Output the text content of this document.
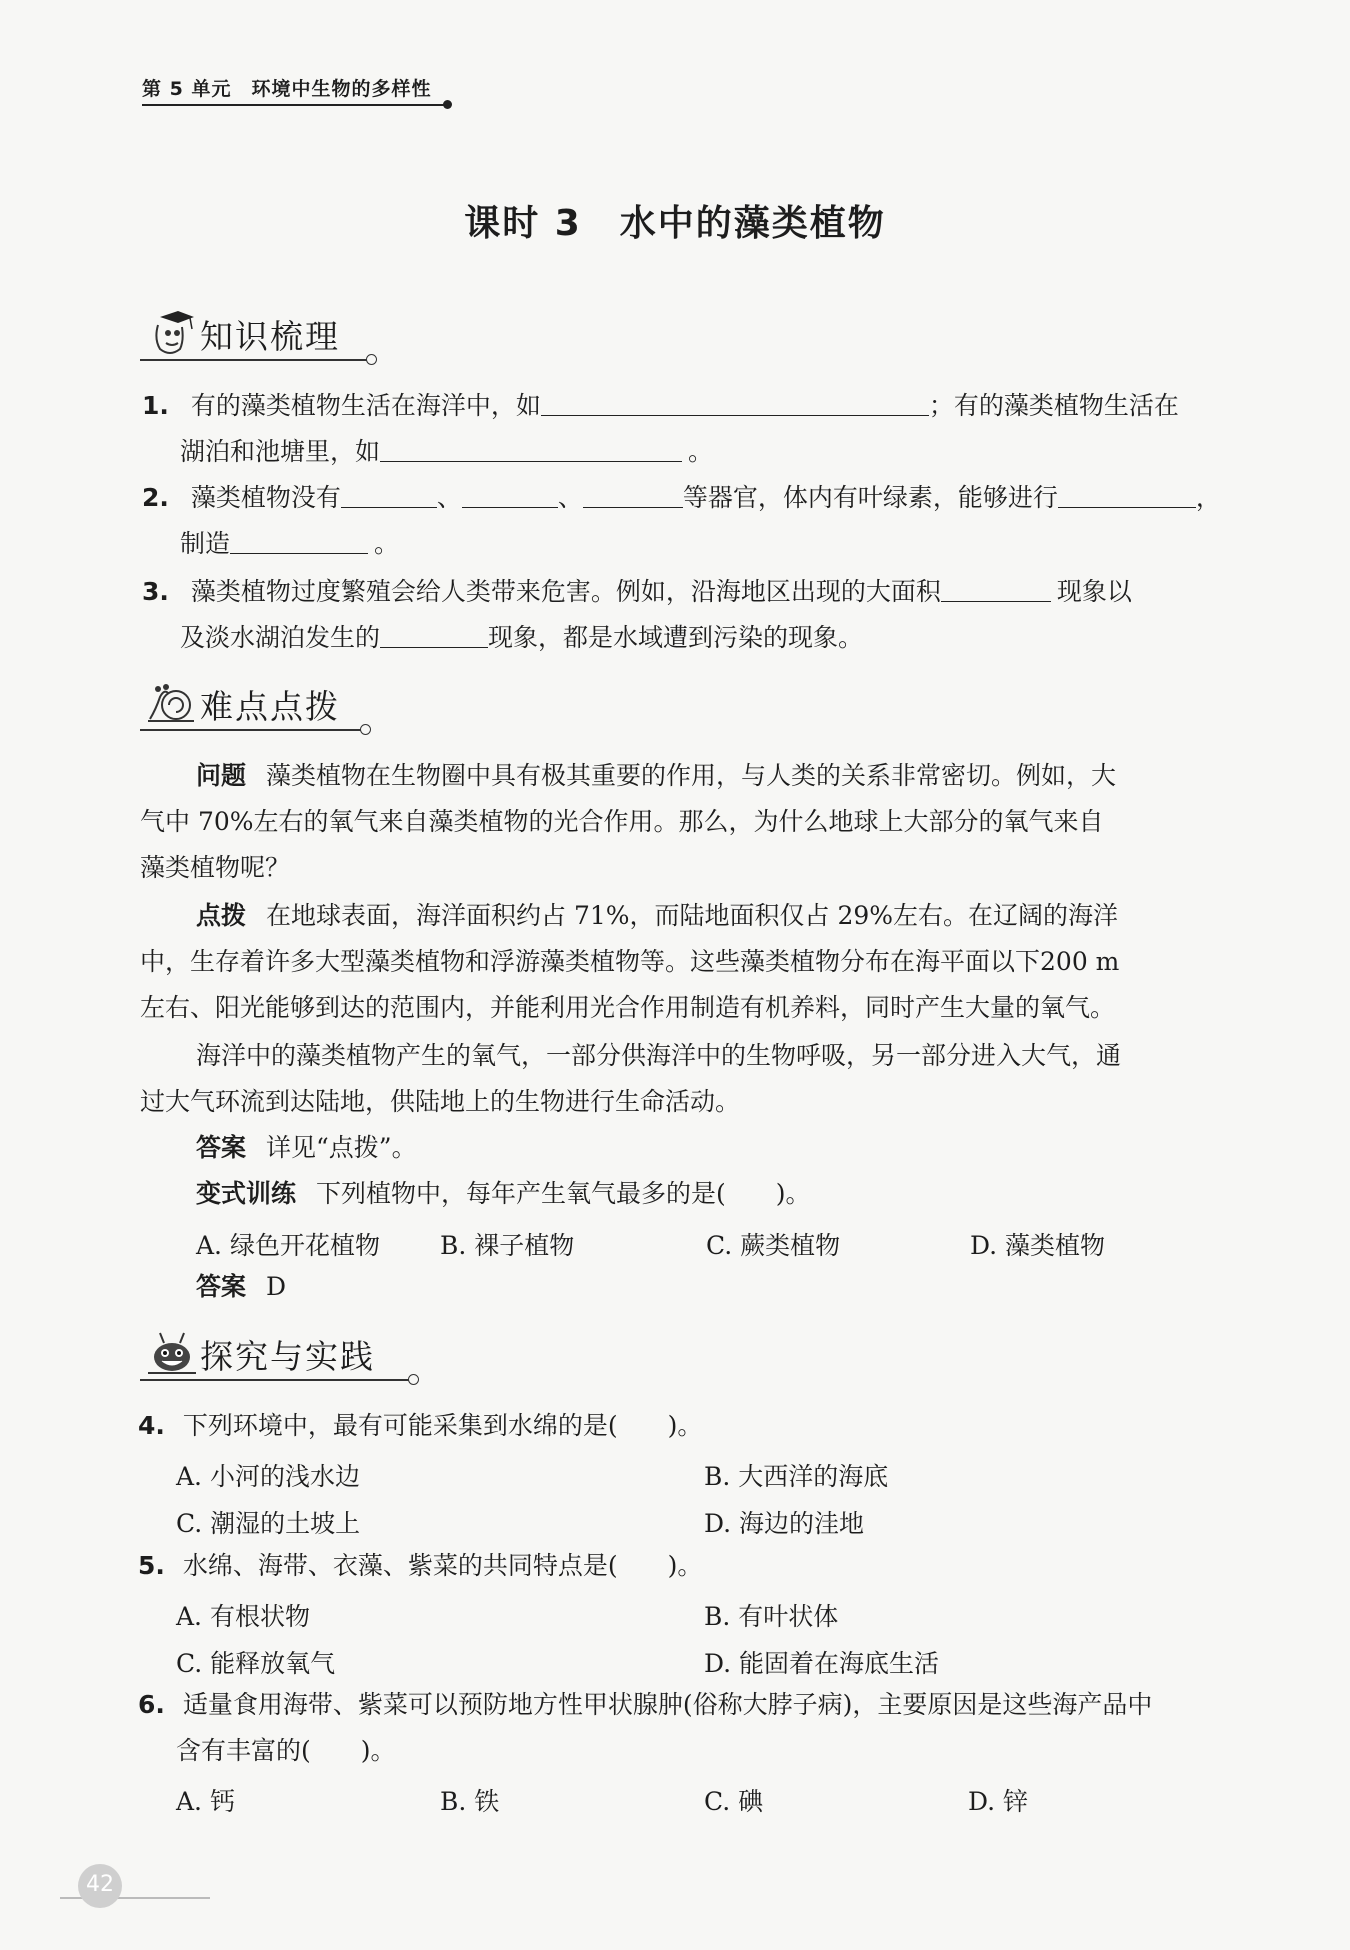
第 5 单元　环境中生物的多样性
课时 3 水中的藻类植物
知识梳理
1. 有的藻类植物生活在海洋中，如	；有的藻类植物生活在
湖泊和池塘里，如	。
2. 藻类植物没有	、	、	等器官，体内有叶绿素，能够进行	，
制造	。
3. 藻类植物过度繁殖会给人类带来危害。例如，沿海地区出现的大面积	现象以
及淡水湖泊发生的	现象，都是水域遭到污染的现象。
难点点拨
问题 藻类植物在生物圈中具有极其重要的作用，与人类的关系非常密切。例如，大
气中 70%左右的氧气来自藻类植物的光合作用。那么，为什么地球上大部分的氧气来自
藻类植物呢？
点拨 在地球表面，海洋面积约占 71%，而陆地面积仅占 29%左右。在辽阔的海洋
中，生存着许多大型藻类植物和浮游藻类植物等。这些藻类植物分布在海平面以下200 m
左右、阳光能够到达的范围内，并能利用光合作用制造有机养料，同时产生大量的氧气。
海洋中的藻类植物产生的氧气，一部分供海洋中的生物呼吸，另一部分进入大气，通
过大气环流到达陆地，供陆地上的生物进行生命活动。
答案 详见“点拨”。
变式训练 下列植物中，每年产生氧气最多的是(　　)。
A. 绿色开花植物 B. 裸子植物	C. 蕨类植物	D. 藻类植物
答案 D
探究与实践
4. 下列环境中，最有可能采集到水绵的是(　　)。
A. 小河的浅水边	B. 大西洋的海底
C. 潮湿的土坡上	D. 海边的洼地
5. 水绵、海带、衣藻、紫菜的共同特点是(　　)。
A. 有根状物	B. 有叶状体
C. 能释放氧气	D. 能固着在海底生活
6. 适量食用海带、紫菜可以预防地方性甲状腺肿(俗称大脖子病)，主要原因是这些海产品中
含有丰富的(　　)。
A. 钙	B. 铁	C. 碘	D. 锌
42
